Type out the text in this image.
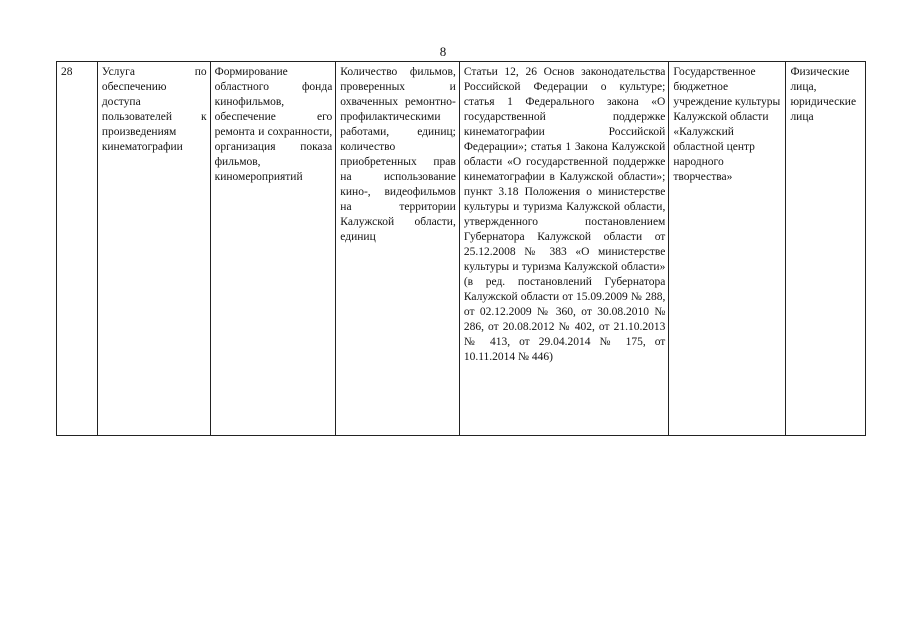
8
28	Услуга по обеспечению доступа пользователей к произведениям кинематографии	Формирование областного фонда кинофильмов, обеспечение его ремонта и сохранности, организация показа фильмов, киномероприятий	Количество фильмов, проверенных и охваченных ремонтно-профилактическими работами, единиц; количество приобретенных прав на использование кино-, видеофильмов на территории Калужской области, единиц	Статьи 12, 26 Основ законодательства Российской Федерации о культуре; статья 1 Федерального закона «О государственной поддержке кинематографии Российской Федерации»; статья 1 Закона Калужской области «О государственной поддержке кинематографии в Калужской области»; пункт 3.18 Положения о министерстве культуры и туризма Калужской области, утвержденного постановлением Губернатора Калужской области от 25.12.2008 № 383 «О министерстве культуры и туризма Калужской области» (в ред. постановлений Губернатора Калужской области от 15.09.2009 № 288, от 02.12.2009 № 360, от 30.08.2010 № 286, от 20.08.2012 № 402, от 21.10.2013 № 413, от 29.04.2014 № 175, от 10.11.2014 № 446)	Государственное бюджетное учреждение культуры Калужской области «Калужский областной центр народного творчества»	Физические лица, юридические лица
